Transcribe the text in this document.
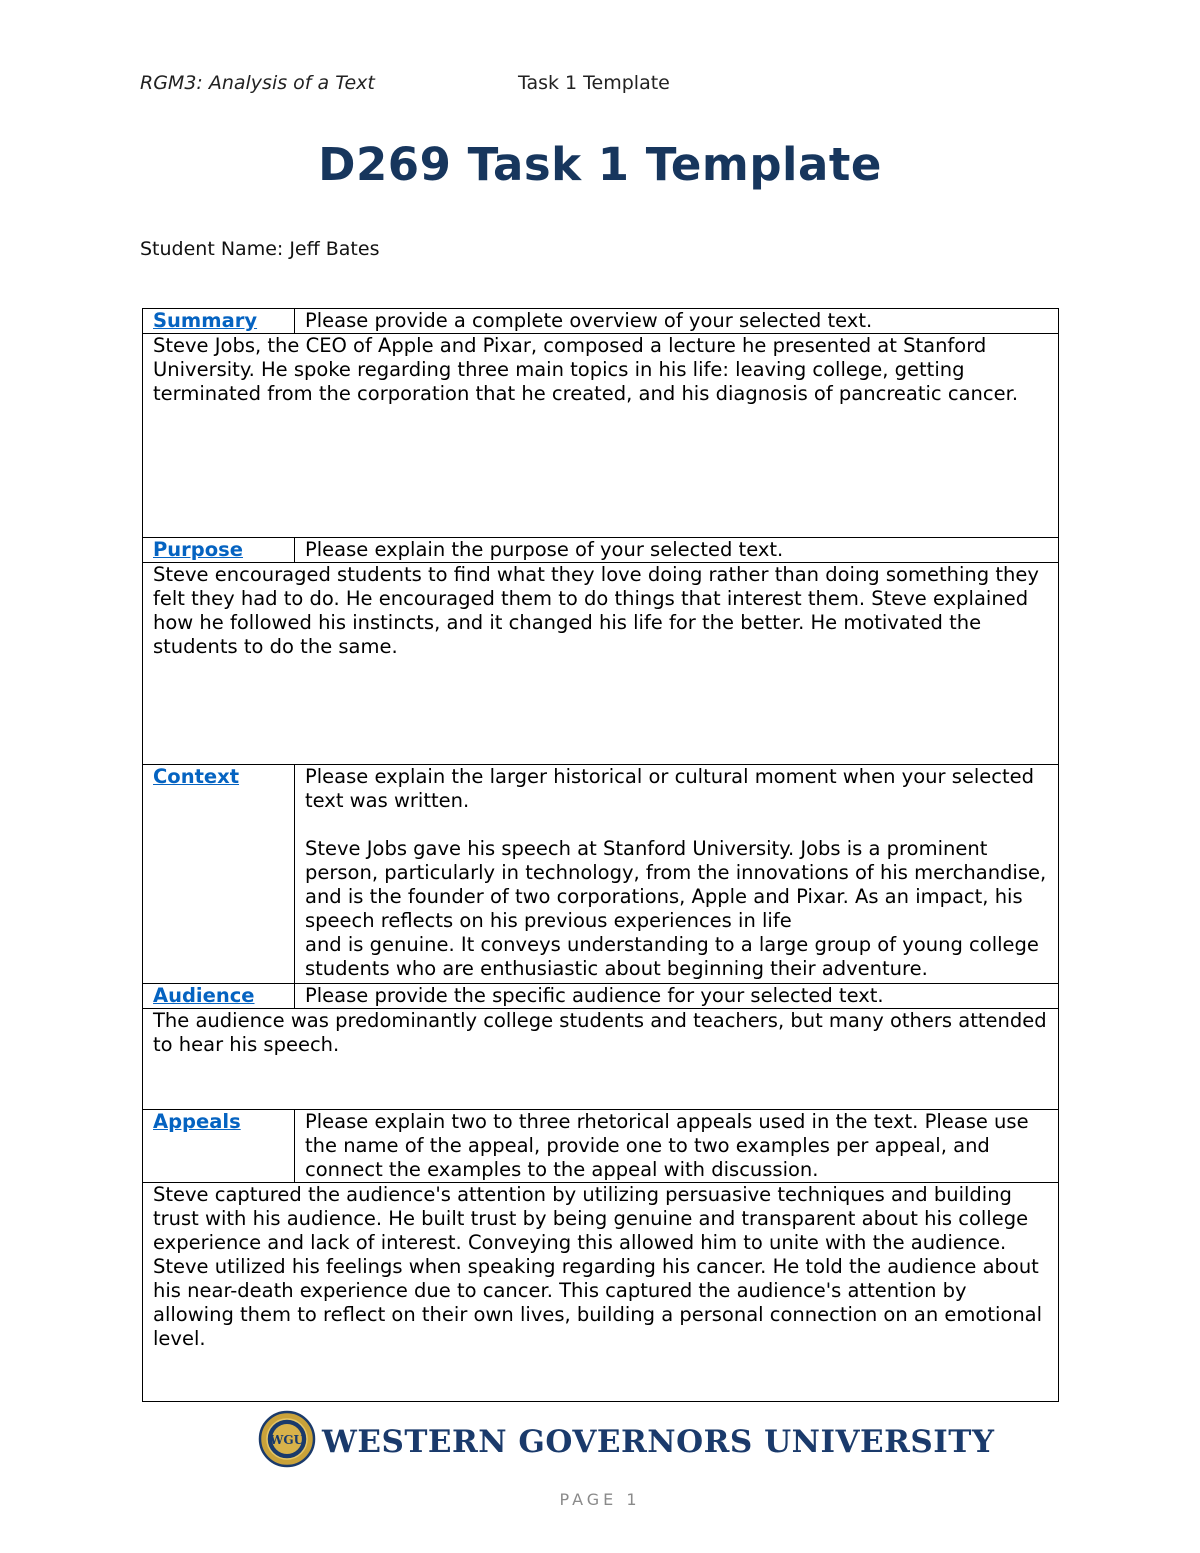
RGM3: Analysis of a Text	Task 1 Template
D269 Task 1 Template
Student Name: Jeff Bates
Summary	Please provide a complete overview of your selected text.
Steve Jobs, the CEO of Apple and Pixar, composed a lecture he presented at Stanford University. He spoke regarding three main topics in his life: leaving college, getting terminated from the corporation that he created, and his diagnosis of pancreatic cancer.	
Purpose	Please explain the purpose of your selected text.
Steve encouraged students to find what they love doing rather than doing something they felt they had to do. He encouraged them to do things that interest them. Steve explained how he followed his instincts, and it changed his life for the better. He motivated the students to do the same.	
Context	Please explain the larger historical or cultural moment when your selected text was written.
Steve Jobs gave his speech at Stanford University. Jobs is a prominent person, particularly in technology, from the innovations of his merchandise, and is the founder of two corporations, Apple and Pixar. As an impact, his speech reflects on his previous experiences in life
and is genuine. It conveys understanding to a large group of young college students who are enthusiastic about beginning their adventure.

Audience	Please provide the specific audience for your selected text.
The audience was predominantly college students and teachers, but many others attended to hear his speech.	
Appeals	Please explain two to three rhetorical appeals used in the text. Please use the name of the appeal, provide one to two examples per appeal, and connect the examples to the appeal with discussion.
Steve captured the audience's attention by utilizing persuasive techniques and building trust with his audience. He built trust by being genuine and transparent about his college experience and lack of interest. Conveying this allowed him to unite with the audience. Steve utilized his feelings when speaking regarding his cancer. He told the audience about his near-death experience due to cancer. This captured the audience's attention by allowing them to reflect on their own lives, building a personal connection on an emotional level.	
WGU WESTERN GOVERNORS UNIVERSITY
PAGE 1
